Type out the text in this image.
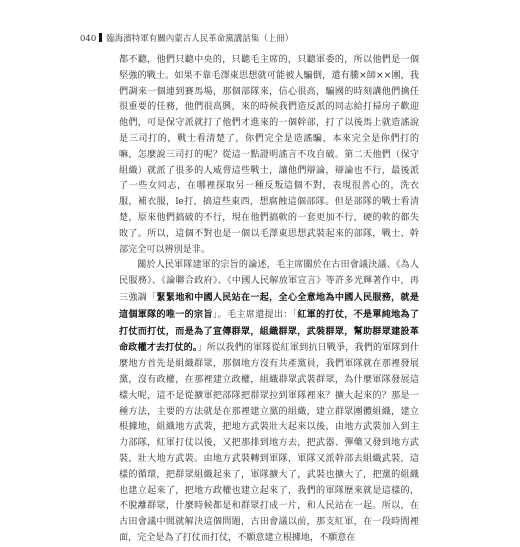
040 臨海濱特軍有關內蒙古人民革命黨講話集（上冊）

都不聽，他們只聽中央的，只聽毛主席的，只聽軍委的，所以他們是一個堅強的戰士。如果不靠毛澤東思想就可能被人騙倒，還有騰×師××團，我們調來一個連到賽馬場，那個部隊來，信心很高，騙國的時刻講他們擒任很重要的任務，他們很高興，來的時候我們造反派的同志給打掃房子歡迎他們，可是保守派就打了他們才進來的一個幹部，打了以後馬上就造謠說是三司打的，戰士看清楚了，你們完全是造謠騙，本來完全是你們打的嘛，怎麼說三司打的呢？從這一點證明謠言不攻自破。第二天他們（保守組織）就派了很多的人威脅這些戰士，讓他們辯論，辯論也不行，最後派了一些女同志，在哪裡探取另一種反叛這個不對，表現很善心的，洗衣服，補衣服，le打，搞這些東西，想腐蝕這個部隊。但是部隊的戰士看清楚，原來他們搞破的不行，現在他們搞軟的一套更加不行，硬的軟的都失敗了。所以，這個不對也是一個以毛澤東思想武裝起來的部隊，戰士、幹部完全可以辨別是非。

關於人民軍隊建軍的宗旨的論述，毛主席關於在古田會議決議、《為人民服務》、《論聯合政府》、《中國人民解放軍宣言》等許多光輝著作中，再三強調「緊緊地和中國人民站在一起，全心全意地為中國人民服務，就是這個軍隊的唯一的宗旨」。毛主席還提出：「紅軍的打仗，不是單純地為了打仗而打仗，而是為了宣傳群眾，組織群眾，武裝群眾，幫助群眾建設革命政權才去打仗的。」所以我們的軍隊從紅軍到抗日戰爭，我們的軍隊到什麼地方首先是組織群眾，那個地方沒有共產黨員，我們軍隊就在那裡發展黨，沒有政權，在那裡建立政權，組織群眾武裝群眾，為什麼軍隊發展這樣大呢，這不是從擴軍把部隊把群眾拉到軍隊裡來？擴大起來的？那是一種方法，主要的方法就是在那裡建立黨的組織，建立群眾團體組織，建立根據地，組織地方武裝，把地方武裝壯大起來以後，由地方武裝加入到主力部隊，紅軍打仗以後，又把那排到地方去，把武器、彈藥又發到地方武裝，壯大地方武裝。由地方武裝轉到軍隊，軍隊又派幹部去組織武裝，這樣的循環，把群眾組織起來了，軍隊擴大了，武裝也擴大了，把黨的組織也建立起來了，把地方政權也建立起來了，我們的軍隊歷來就是這樣的，不脫離群眾，什麼時候都是和群眾打成一片，和人民站在一起。所以，在古田會議中間就解決這個問題，古田會議以前，那支紅軍，在一段時間裡面，完全是為了打仗而打仗，不願意建立根據地，不願意在
